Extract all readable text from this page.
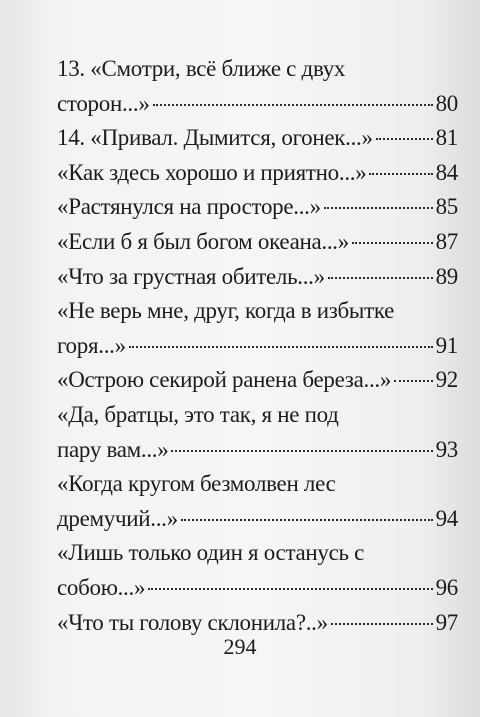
13. «Смотри, всё ближе с двух
сторон...»	80
14. «Привал. Дымится, огонек...»	81
«Как здесь хорошо и приятно...»	84
«Растянулся на просторе...»	85
«Если б я был богом океана...»	87
«Что за грустная обитель...»	89
«Не верь мне, друг, когда в избытке
горя...»	91
«Острою секирой ранена береза...» 92
«Да, братцы, это так, я не под
пару вам...»	93
«Когда кругом безмолвен лес
дремучий...»	94
«Лишь только один я останусь с
собою...»	96
«Что ты голову склонила?..»	97
294
